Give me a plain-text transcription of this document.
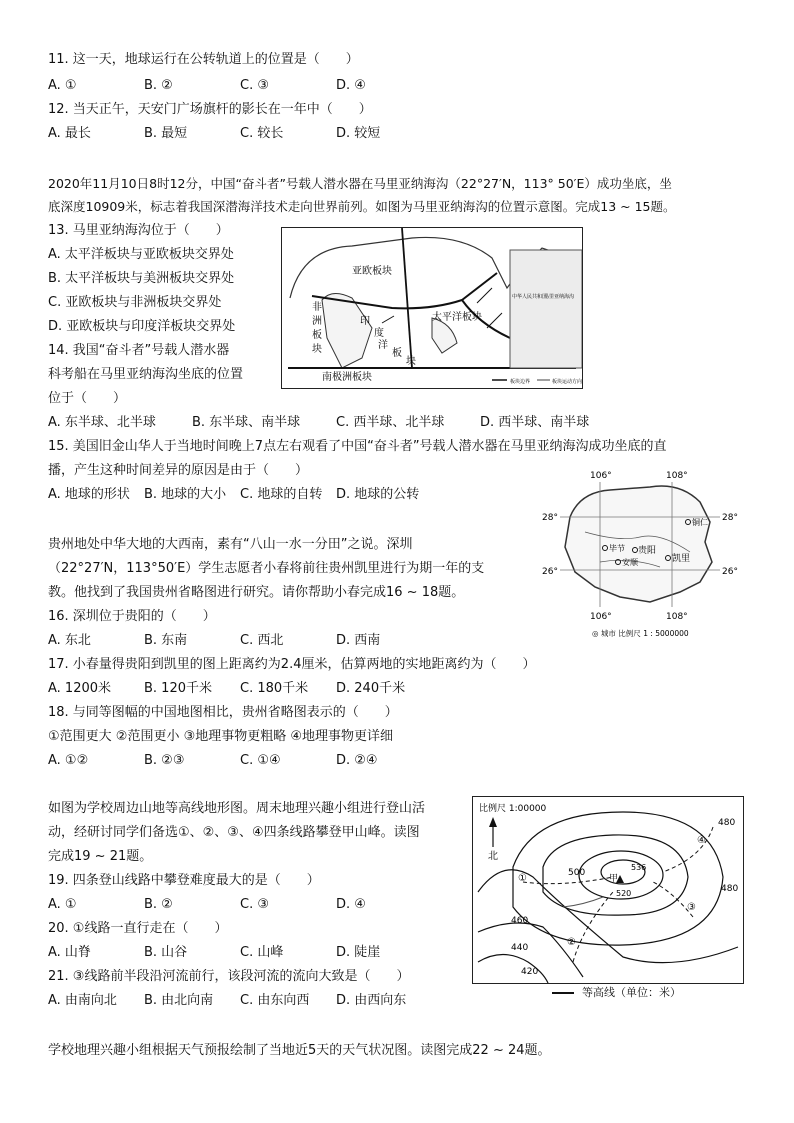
11. 这一天，地球运行在公转轨道上的位置是（　　）
A. ①	B. ②	C. ③	D. ④
12. 当天正午，天安门广场旗杆的影长在一年中（　　）
A. 最长	B. 最短	C. 较长	D. 较短
2020年11月10日8时12分，中国“奋斗者”号载人潜水器在马里亚纳海沟（22°27′N，113° 50′E）成功坐底，坐
底深度10909米，标志着我国深潜海洋技术走向世界前列。如图为马里亚纳海沟的位置示意图。完成13 ~ 15题。
13. 马里亚纳海沟位于（　　）
A. 太平洋板块与亚欧板块交界处
B. 太平洋板块与美洲板块交界处
C. 亚欧板块与非洲板块交界处
D. 亚欧板块与印度洋板块交界处
14. 我国“奋斗者”号载人潜水器
科考船在马里亚纳海沟坐底的位置
位于（　　）
A. 东半球、北半球	B. 东半球、南半球	C. 西半球、北半球	D. 西半球、南半球
亚欧板块
非
洲
板
块
印
度
洋
板
块
太平洋板块
南极洲板块
中华人民共和国
马里亚纳海沟
板块边界	板块运动方向
15. 美国旧金山华人于当地时间晚上7点左右观看了中国“奋斗者”号载人潜水器在马里亚纳海沟成功坐底的直
播，产生这种时间差异的原因是由于（　　）
A. 地球的形状 B. 地球的大小 C. 地球的自转 D. 地球的公转
贵州地处中华大地的大西南，素有“八山一水一分田”之说。深圳
（22°27′N，113°50′E）学生志愿者小春将前往贵州凯里进行为期一年的支
教。他找到了我国贵州省略图进行研究。请你帮助小春完成16 ~ 18题。
106°	108°
28°	28°
26°	26°
106°	108°
铜仁
贵阳
毕节
安顺	凯里
◎ 城市 比例尺 1 : 5000000
16. 深圳位于贵阳的（　　）
A. 东北	B. 东南	C. 西北	D. 西南
17. 小春量得贵阳到凯里的图上距离约为2.4厘米，估算两地的实地距离约为（　　）
A. 1200米	B. 120千米 C. 180千米 D. 240千米
18. 与同等图幅的中国地图相比，贵州省略图表示的（　　）
①范围更大 ②范围更小 ③地理事物更粗略 ④地理事物更详细
A. ①②	B. ②③	C. ①④	D. ②④
如图为学校周边山地等高线地形图。周末地理兴趣小组进行登山活
动，经研讨同学们备选①、②、③、④四条线路攀登甲山峰。读图
完成19 ~ 21题。
比例尺 1:00000
北
甲
480
480
500
536
520
460
440
420
①
②
③
④
等高线（单位：米）
19. 四条登山线路中攀登难度最大的是（　　）
A. ①	B. ②	C. ③	D. ④
20. ①线路一直行走在（　　）
A. 山脊	B. 山谷	C. 山峰	D. 陡崖
21. ③线路前半段沿河流前行，该段河流的流向大致是（　　）
A. 由南向北 B. 由北向南 C. 由东向西 D. 由西向东
学校地理兴趣小组根据天气预报绘制了当地近5天的天气状况图。读图完成22 ~ 24题。
